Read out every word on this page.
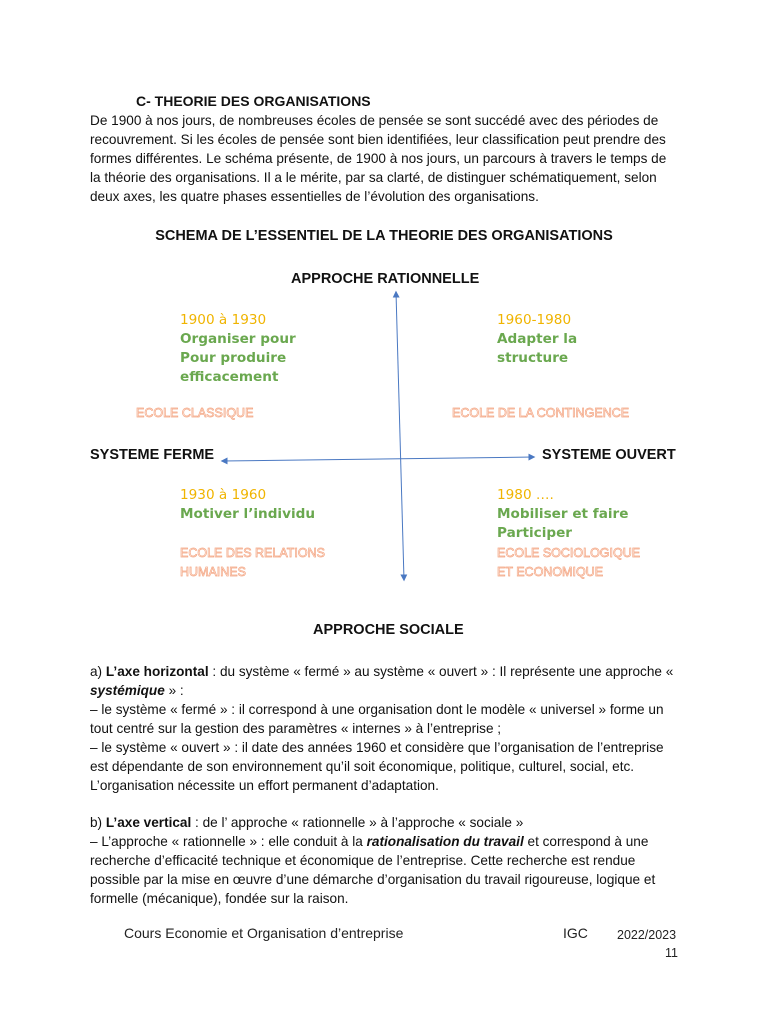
C- THEORIE DES ORGANISATIONS

De 1900 à nos jours, de nombreuses écoles de pensée se sont succédé avec des périodes de recouvrement. Si les écoles de pensée sont bien identifiées, leur classification peut prendre des formes différentes. Le schéma présente, de 1900 à nos jours, un parcours à travers le temps de la théorie des organisations. Il a le mérite, par sa clarté, de distinguer schématiquement, selon deux axes, les quatre phases essentielles de l’évolution des organisations.

SCHEMA DE L’ESSENTIEL DE LA THEORIE DES ORGANISATIONS
APPROCHE RATIONNELLE
SYSTEME FERME	SYSTEME OUVERT
APPROCHE SOCIALE
1900 à 1930
Organiser pour
Pour produire
efficacement
ECOLE CLASSIQUE
1960-1980
Adapter la
structure
ECOLE DE LA CONTINGENCE
1930 à 1960
Motiver l’individu
ECOLE DES RELATIONS
HUMAINES
1980 ….
Mobiliser et faire
Participer
ECOLE SOCIOLOGIQUE
ET ECONOMIQUE

a) L’axe horizontal : du système « fermé » au système « ouvert » : Il représente une approche « systémique » :
– le système « fermé » : il correspond à une organisation dont le modèle « universel » forme un tout centré sur la gestion des paramètres « internes » à l’entreprise ;
– le système « ouvert » : il date des années 1960 et considère que l’organisation de l’entreprise est dépendante de son environnement qu’il soit économique, politique, culturel, social, etc. L’organisation nécessite un effort permanent d’adaptation.

b) L’axe vertical : de l’ approche « rationnelle » à l’approche « sociale »
– L’approche « rationnelle » : elle conduit à la rationalisation du travail et correspond à une recherche d’efficacité technique et économique de l’entreprise. Cette recherche est rendue possible par la mise en œuvre d’une démarche d’organisation du travail rigoureuse, logique et formelle (mécanique), fondée sur la raison.

Cours Economie et Organisation d’entreprise	IGC 2022/2023
11
